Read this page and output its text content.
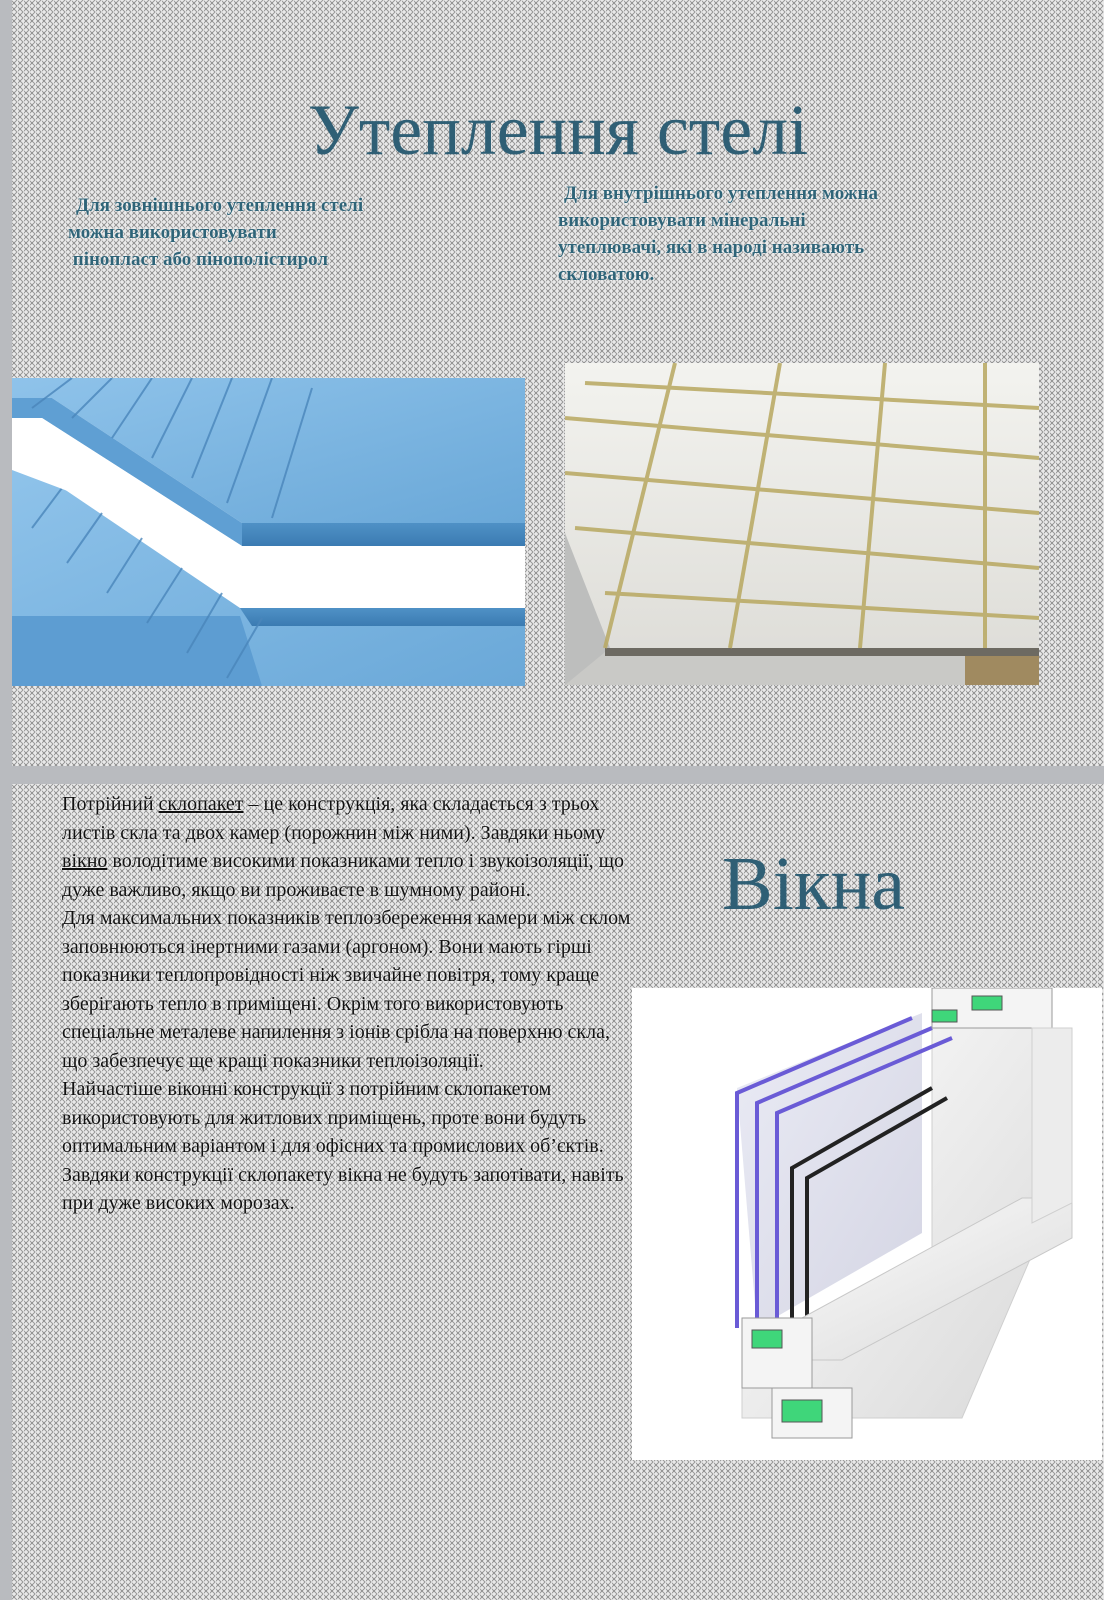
Утеплення стелі

Для зовнішнього утеплення стелі

можна використовувати

пінопласт або пінополістирол

Для внутрішнього утеплення можна

використовувати мінеральні

утеплювачі, які в народі називають

скловатою.

Вікна

Потрійний склопакет – це конструкція, яка складається з трьох листів скла та двох камер (порожнин між ними). Завдяки ньому вікно володітиме високими показниками тепло і звукоізоляції, що дуже важливо, якщо ви проживаєте в шумному районі.

Для максимальних показників теплозбереження камери між склом заповнюються інертними газами (аргоном). Вони мають гірші показники теплопровідності ніж звичайне повітря, тому краще зберігають тепло в приміщені. Окрім того використовують спеціальне металеве напилення з іонів срібла на поверхню скла, що забезпечує ще кращі показники теплоізоляції.

Найчастіше віконні конструкції з потрійним склопакетом використовують для житлових приміщень, проте вони будуть оптимальним варіантом і для офісних та промислових об’єктів. Завдяки конструкції склопакету вікна не будуть запотівати, навіть при дуже високих морозах.
